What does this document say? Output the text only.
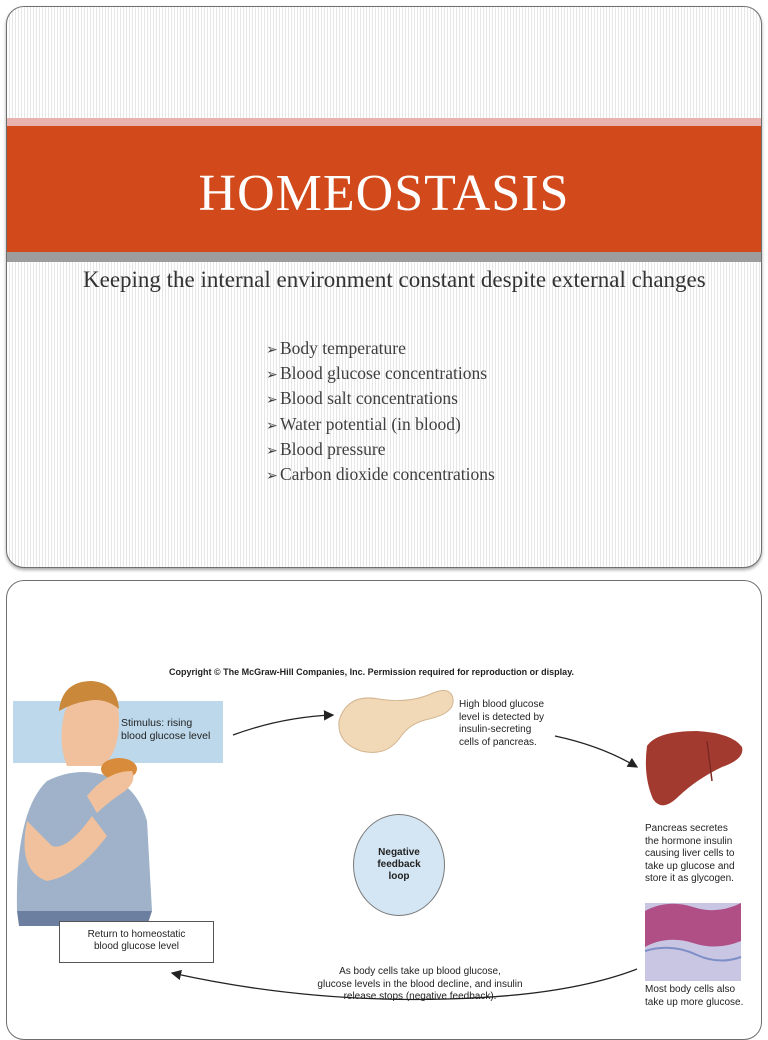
HOMEOSTASIS
Keeping the internal environment constant despite external changes
➢ Body temperature
➢ Blood glucose concentrations
➢ Blood salt concentrations
➢ Water potential (in blood)
➢ Blood pressure
➢ Carbon dioxide concentrations
Copyright © The McGraw-Hill Companies, Inc. Permission required for reproduction or display.
Stimulus: rising
blood glucose level
High blood glucose
level is detected by
insulin-secreting
cells of pancreas.
Pancreas secretes
the hormone insulin
causing liver cells to
take up glucose and
store it as glycogen.
Negative
feedback
loop
Return to homeostatic
blood glucose level
As body cells take up blood glucose,
glucose levels in the blood decline, and insulin
release stops (negative feedback).
Most body cells also
take up more glucose.
